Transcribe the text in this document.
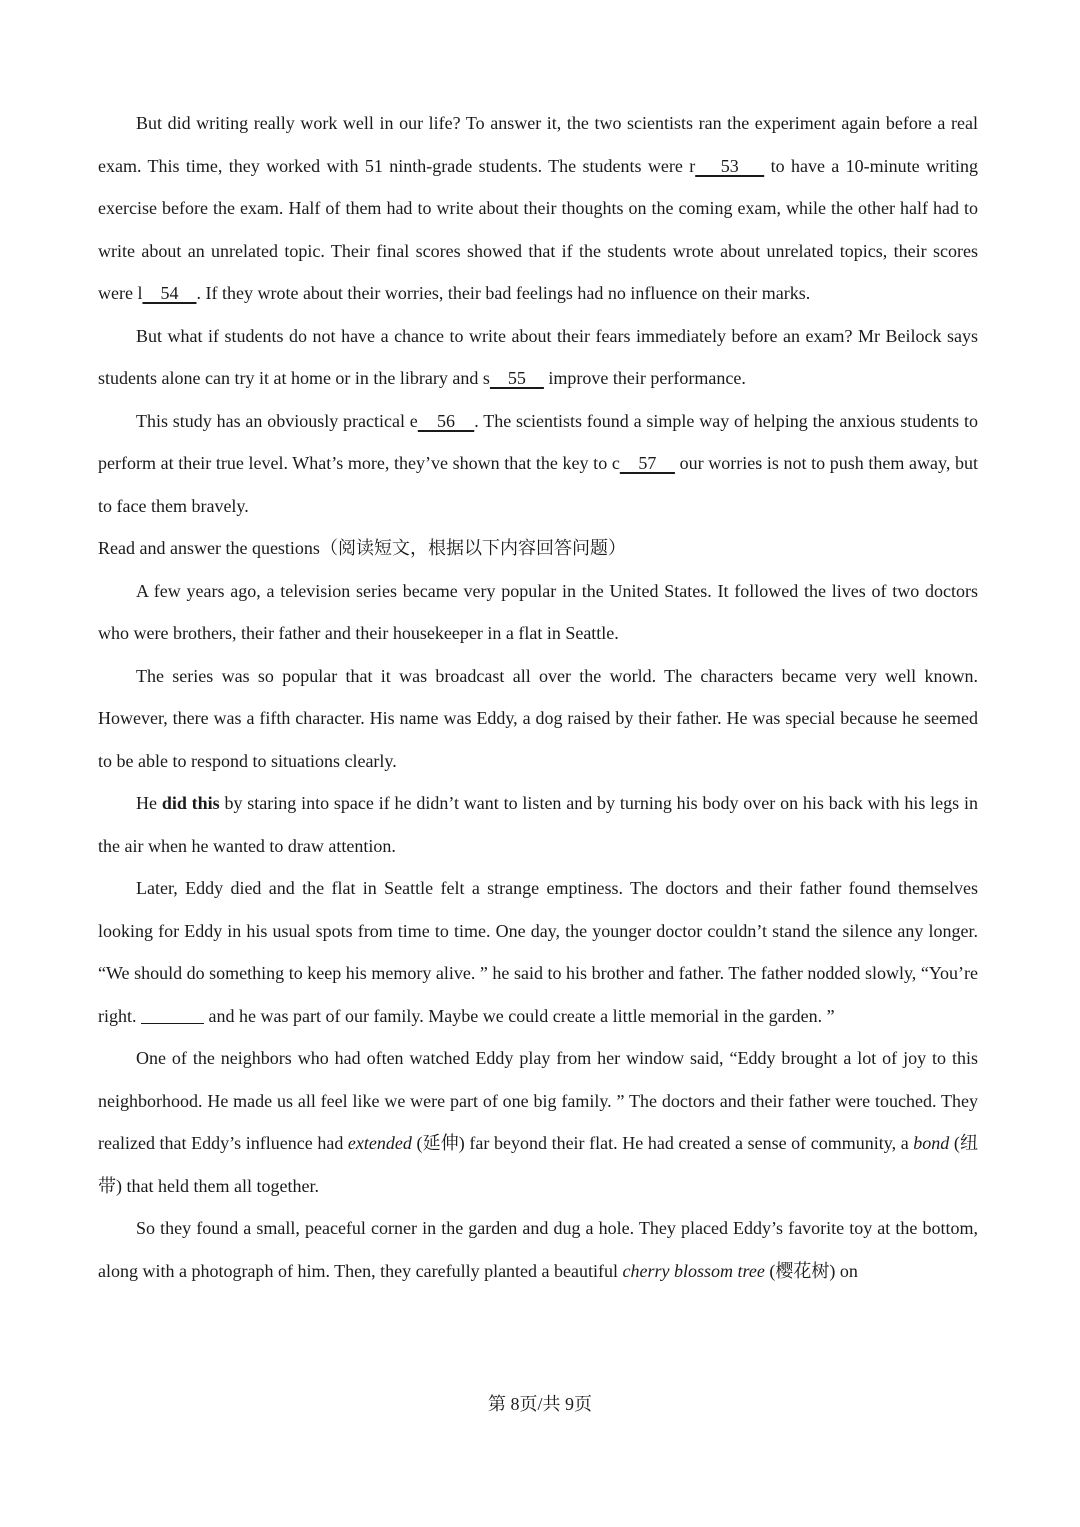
But did writing really work well in our life? To answer it, the two scientists ran the experiment again before a real exam. This time, they worked with 51 ninth-grade students. The students were r    53     to have a 10-minute writing exercise before the exam. Half of them had to write about their thoughts on the coming exam, while the other half had to write about an unrelated topic. Their final scores showed that if the students wrote about unrelated topics, their scores were l    54    . If they wrote about their worries, their bad feelings had no influence on their marks.

But what if students do not have a chance to write about their fears immediately before an exam? Mr Beilock says students alone can try it at home or in the library and s    55     improve their performance.

This study has an obviously practical e    56    . The scientists found a simple way of helping the anxious students to perform at their true level. What’s more, they’ve shown that the key to c    57     our worries is not to push them away, but to face them bravely.

Read and answer the questions（阅读短文，根据以下内容回答问题）

A few years ago, a television series became very popular in the United States. It followed the lives of two doctors who were brothers, their father and their housekeeper in a flat in Seattle.

The series was so popular that it was broadcast all over the world. The characters became very well known. However, there was a fifth character. His name was Eddy, a dog raised by their father. He was special because he seemed to be able to respond to situations clearly.

He did this by staring into space if he didn’t want to listen and by turning his body over on his back with his legs in the air when he wanted to draw attention.

Later, Eddy died and the flat in Seattle felt a strange emptiness. The doctors and their father found themselves looking for Eddy in his usual spots from time to time. One day, the younger doctor couldn’t stand the silence any longer. “We should do something to keep his memory alive. ” he said to his brother and father. The father nodded slowly, “You’re right.	and he was part of our family. Maybe we could create a little memorial in the garden. ”

One of the neighbors who had often watched Eddy play from her window said, “Eddy brought a lot of joy to this neighborhood. He made us all feel like we were part of one big family. ” The doctors and their father were touched. They realized that Eddy’s influence had extended (延伸) far beyond their flat. He had created a sense of community, a bond (纽带) that held them all together.

So they found a small, peaceful corner in the garden and dug a hole. They placed Eddy’s favorite toy at the bottom, along with a photograph of him. Then, they carefully planted a beautiful cherry blossom tree (樱花树) on

第 8页/共 9页
